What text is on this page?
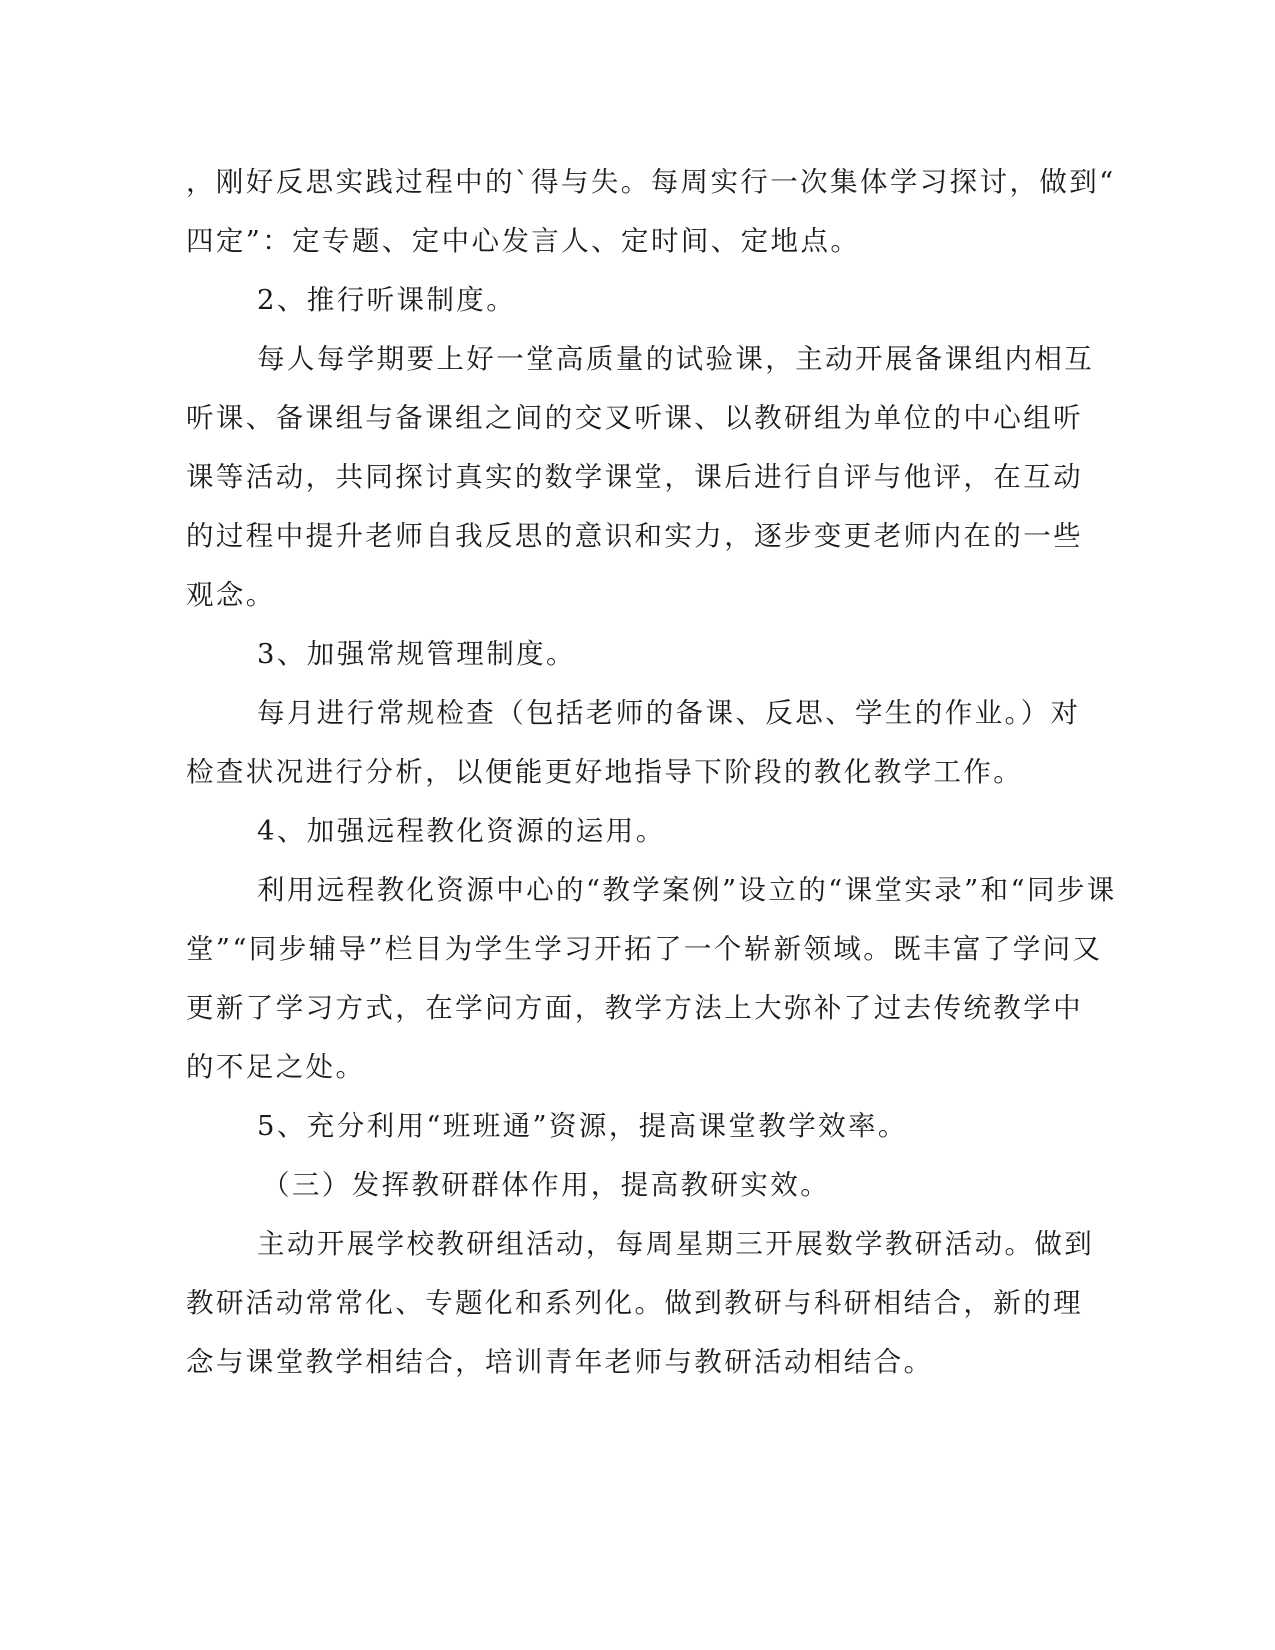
，刚好反思实践过程中的`得与失。每周实行一次集体学习探讨，做到“
四定”：定专题、定中心发言人、定时间、定地点。
2、推行听课制度。
每人每学期要上好一堂高质量的试验课，主动开展备课组内相互
听课、备课组与备课组之间的交叉听课、以教研组为单位的中心组听
课等活动，共同探讨真实的数学课堂，课后进行自评与他评，在互动
的过程中提升老师自我反思的意识和实力，逐步变更老师内在的一些
观念。
3、加强常规管理制度。
每月进行常规检查（包括老师的备课、反思、学生的作业。）对
检查状况进行分析，以便能更好地指导下阶段的教化教学工作。
4、加强远程教化资源的运用。
利用远程教化资源中心的“教学案例”设立的“课堂实录”和“同步课
堂”“同步辅导”栏目为学生学习开拓了一个崭新领域。既丰富了学问又
更新了学习方式，在学问方面，教学方法上大弥补了过去传统教学中
的不足之处。
5、充分利用“班班通”资源，提高课堂教学效率。
（三）发挥教研群体作用，提高教研实效。
主动开展学校教研组活动，每周星期三开展数学教研活动。做到
教研活动常常化、专题化和系列化。做到教研与科研相结合，新的理
念与课堂教学相结合，培训青年老师与教研活动相结合。
